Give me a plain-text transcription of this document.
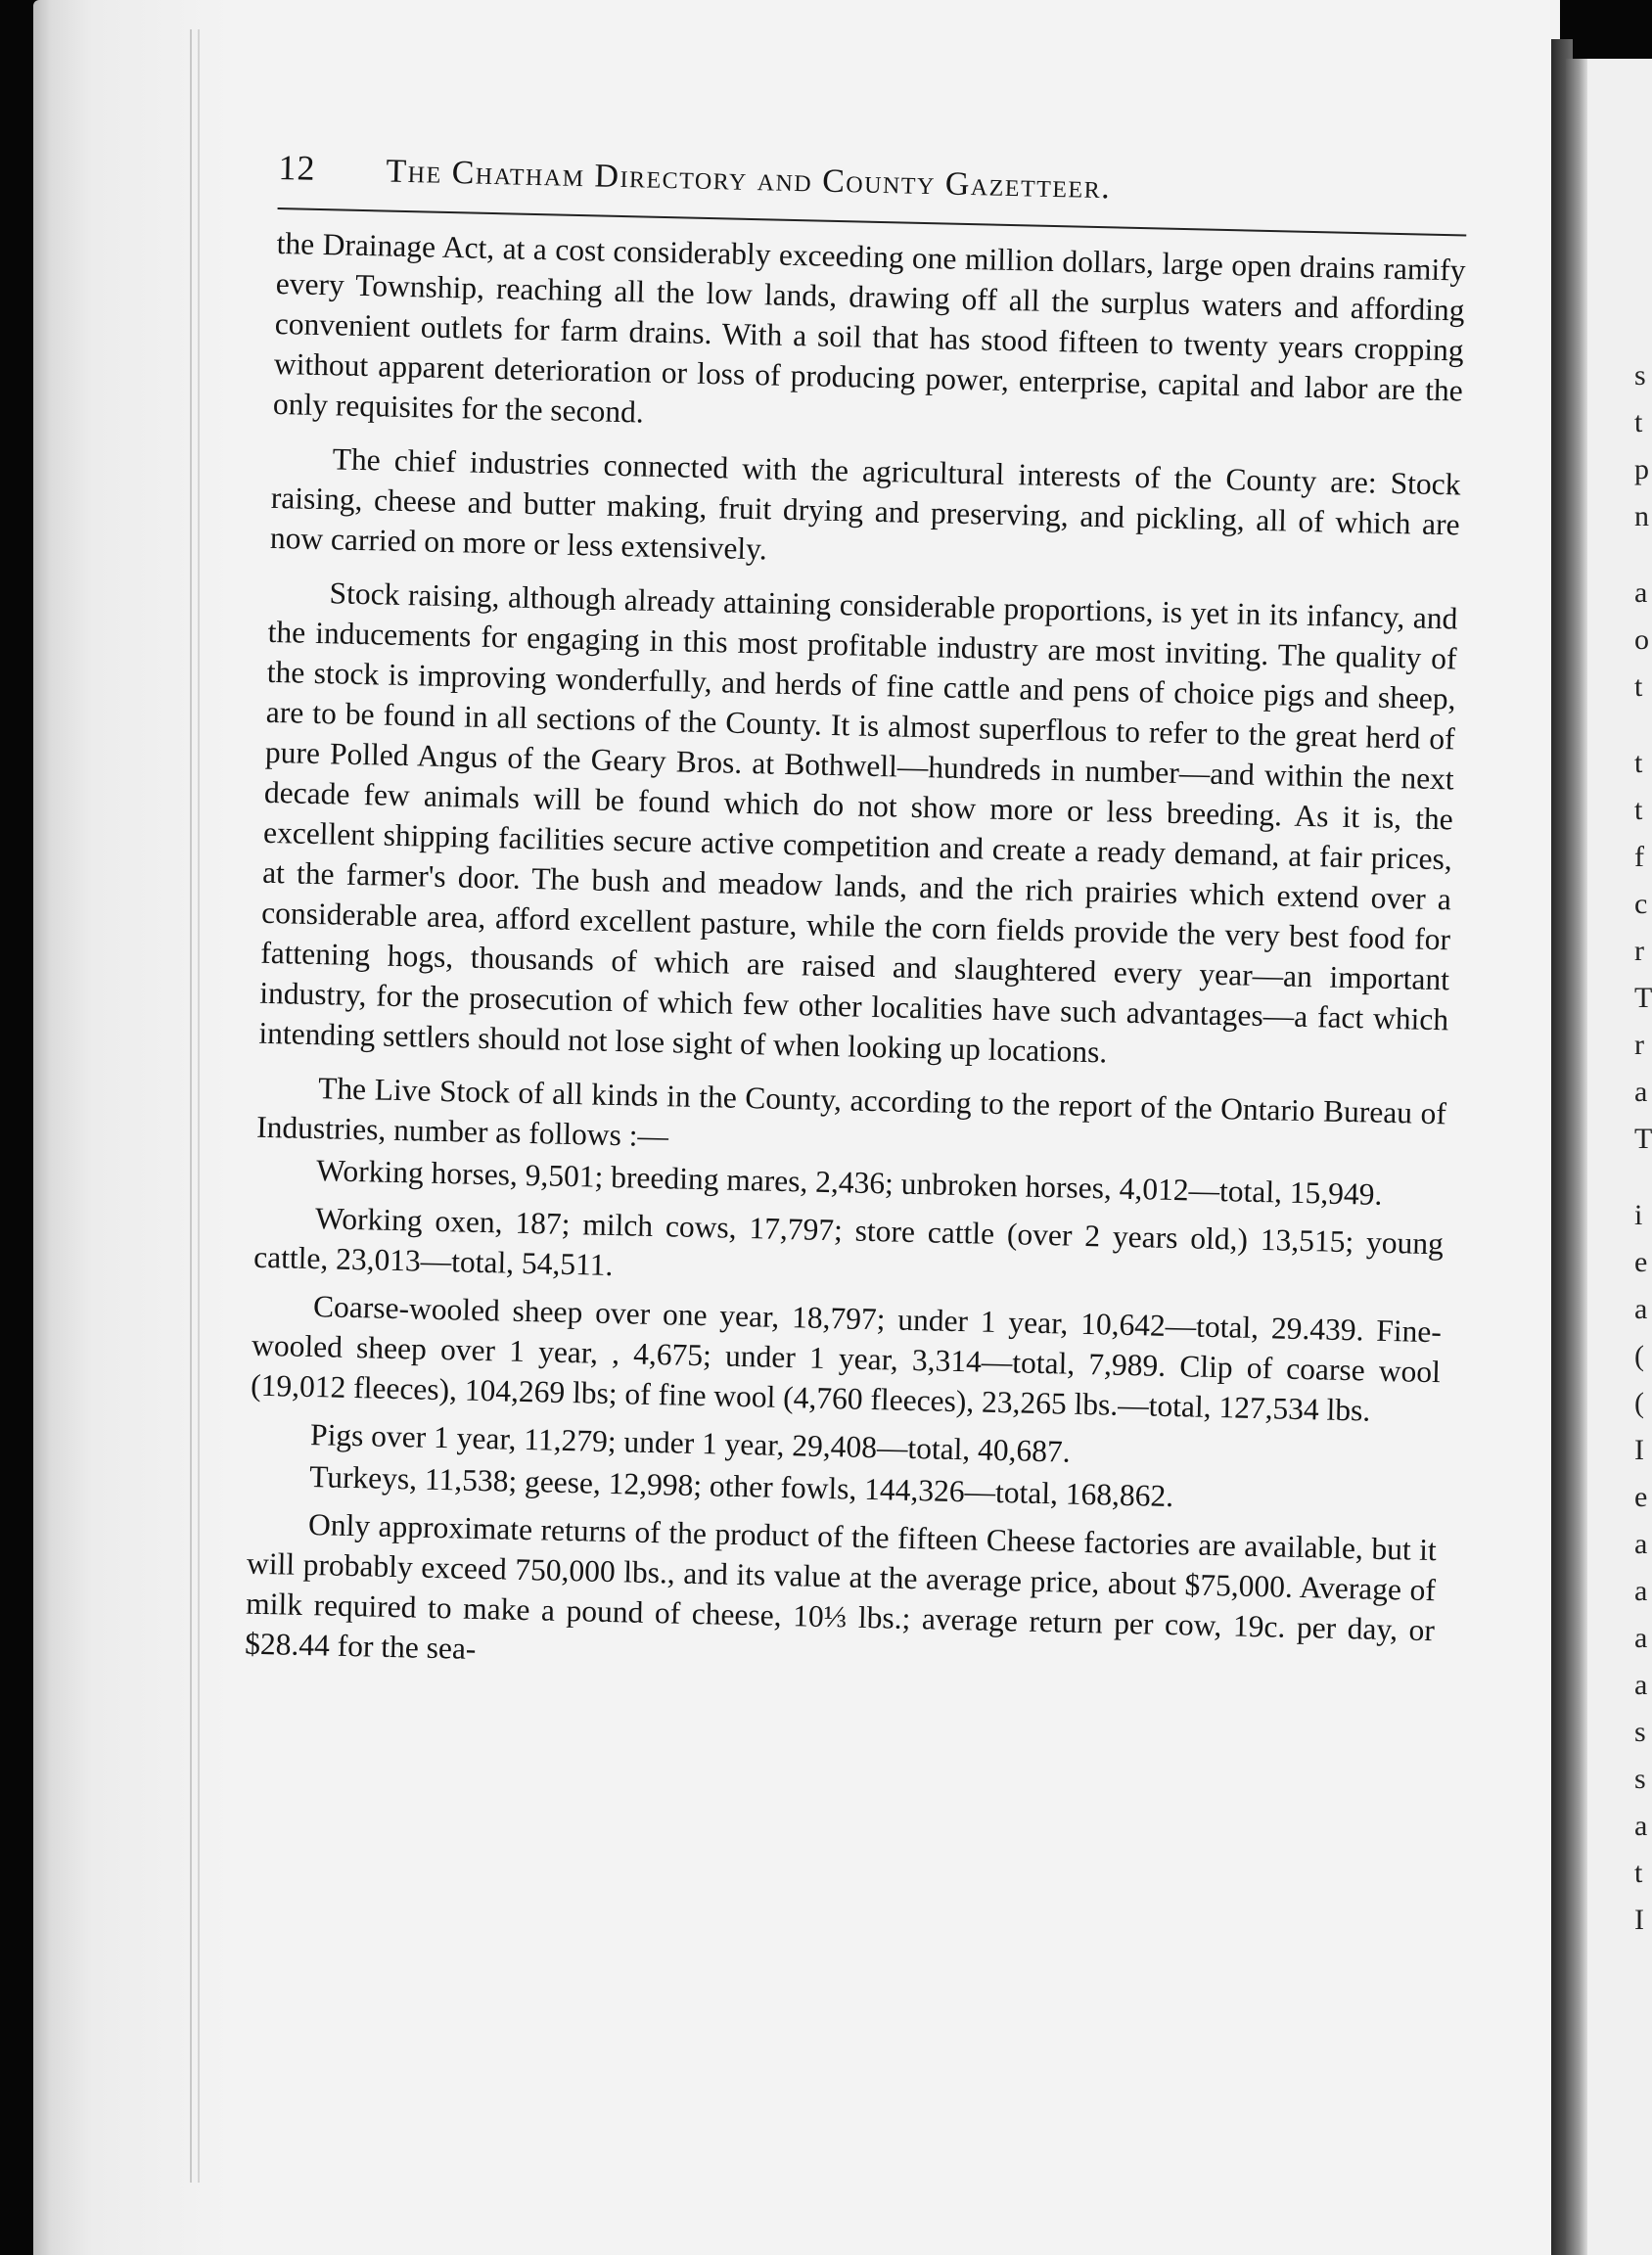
s
t
p
n
a
o
t
t
t
f
c
r
T
r
a
T
i
e
a
(
(
I
e
a
a
a
a
s
s
a
t
I
12	The Chatham Directory and County Gazetteer.

the Drainage Act, at a cost considerably exceeding one million dollars, large open drains ramify every Township, reaching all the low lands, drawing off all the surplus waters and affording convenient outlets for farm drains. With a soil that has stood fifteen to twenty years cropping without apparent deterioration or loss of producing power, enterprise, capital and labor are the only requisites for the second.

The chief industries connected with the agricultural interests of the County are: Stock raising, cheese and butter making, fruit drying and preserving, and pickling, all of which are now carried on more or less extensively.

Stock raising, although already attaining considerable proportions, is yet in its infancy, and the inducements for engaging in this most profitable industry are most inviting. The quality of the stock is improving wonderfully, and herds of fine cattle and pens of choice pigs and sheep, are to be found in all sections of the County. It is almost superflous to refer to the great herd of pure Polled Angus of the Geary Bros. at Bothwell—hundreds in number—and within the next decade few animals will be found which do not show more or less breeding. As it is, the excellent shipping facilities secure active competition and create a ready demand, at fair prices, at the farmer's door. The bush and meadow lands, and the rich prairies which extend over a considerable area, afford excellent pasture, while the corn fields provide the very best food for fattening hogs, thousands of which are raised and slaughtered every year—an important industry, for the prosecution of which few other localities have such advantages—a fact which intending settlers should not lose sight of when looking up locations.

The Live Stock of all kinds in the County, according to the report of the Ontario Bureau of Industries, number as follows :—

Working horses, 9,501; breeding mares, 2,436; unbroken horses, 4,012—total, 15,949.

Working oxen, 187; milch cows, 17,797; store cattle (over 2 years old,) 13,515; young cattle, 23,013—total, 54,511.

Coarse-wooled sheep over one year, 18,797; under 1 year, 10,642—total, 29.439. Fine-wooled sheep over 1 year, , 4,675; under 1 year, 3,314—total, 7,989. Clip of coarse wool (19,012 fleeces), 104,269 lbs; of fine wool (4,760 fleeces), 23,265 lbs.—total, 127,534 lbs.

Pigs over 1 year, 11,279; under 1 year, 29,408—total, 40,687.

Turkeys, 11,538; geese, 12,998; other fowls, 144,326—total, 168,862.

Only approximate returns of the product of the fifteen Cheese factories are available, but it will probably exceed 750,000 lbs., and its value at the average price, about $75,000. Average of milk required to make a pound of cheese, 10⅓ lbs.; average return per cow, 19c. per day, or $28.44 for the sea-
